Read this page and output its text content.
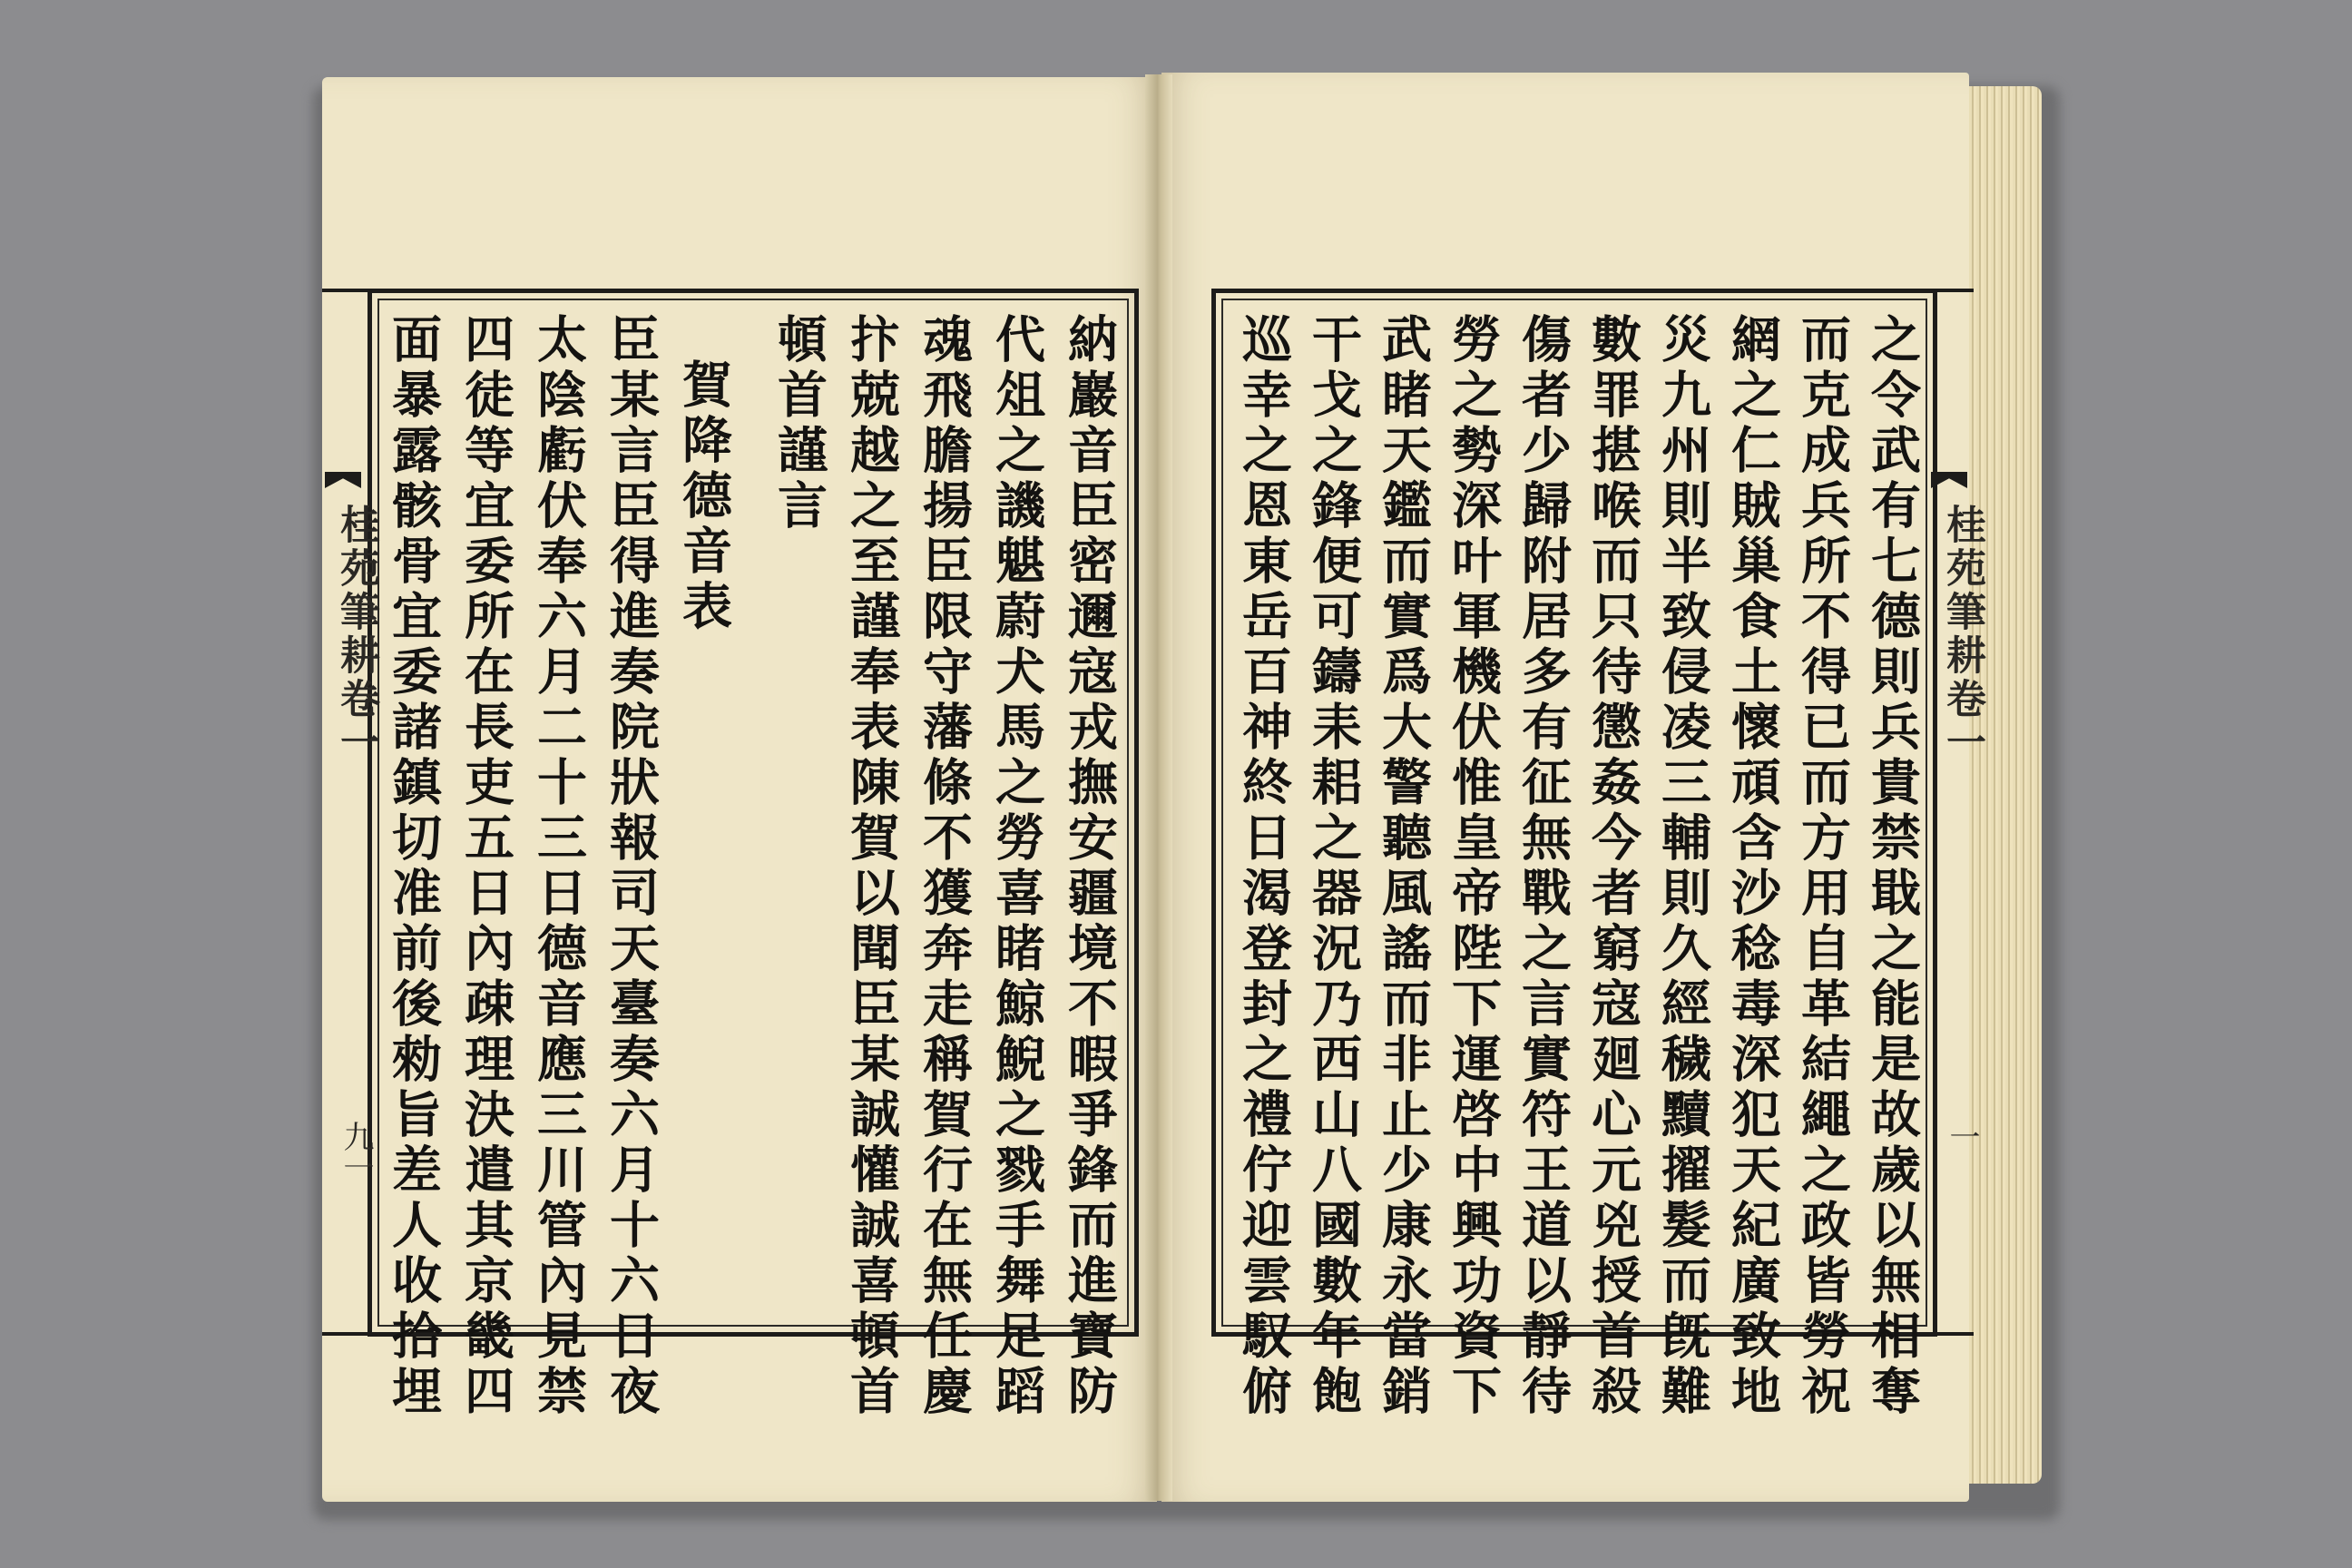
桂苑筆耕卷一
九一	納巖音臣密邇寇戎撫安疆境不暇爭鋒而進寶防
代俎之譏魌蔚犬馬之勞喜睹鯨鯢之戮手舞足蹈
魂飛膽揚臣限守藩條不獲奔走稱賀行在無任慶
抃兢越之至謹奉表陳賀以聞臣某誠懽誠喜頓首
頓首謹言
賀降德音表
臣某言臣得進奏院狀報司天臺奏六月十六日夜
太陰虧伏奉六月二十三日德音應三川管內見禁
四徒等宜委所在長吏五日內疎理決遣其京畿四
面暴露骸骨宜委諸鎮切准前後勑旨差人收拾埋	桂苑筆耕卷一
一
之令武有七德則兵貴禁戢之能是故歲以無相奪
而克成兵所不得已而方用自革結繩之政皆勞祝
網之仁賊巢食土懷頑含沙稔毒深犯天紀廣致地
災九州則半致侵凌三輔則久經穢黷擢髮而旣難
數罪揕喉而只待懲姦今者窮寇廻心元兇授首殺
傷者少歸附居多有征無戰之言實符王道以靜待
勞之勢深叶軍機伏惟皇帝陛下運啓中興功資下
武睹天鑑而實爲大警聽風謠而非止少康永當銷
干戈之鋒便可鑄耒耜之器況乃西山八國數年飽
巡幸之恩東岳百神終日渴登封之禮佇迎雲馭俯
